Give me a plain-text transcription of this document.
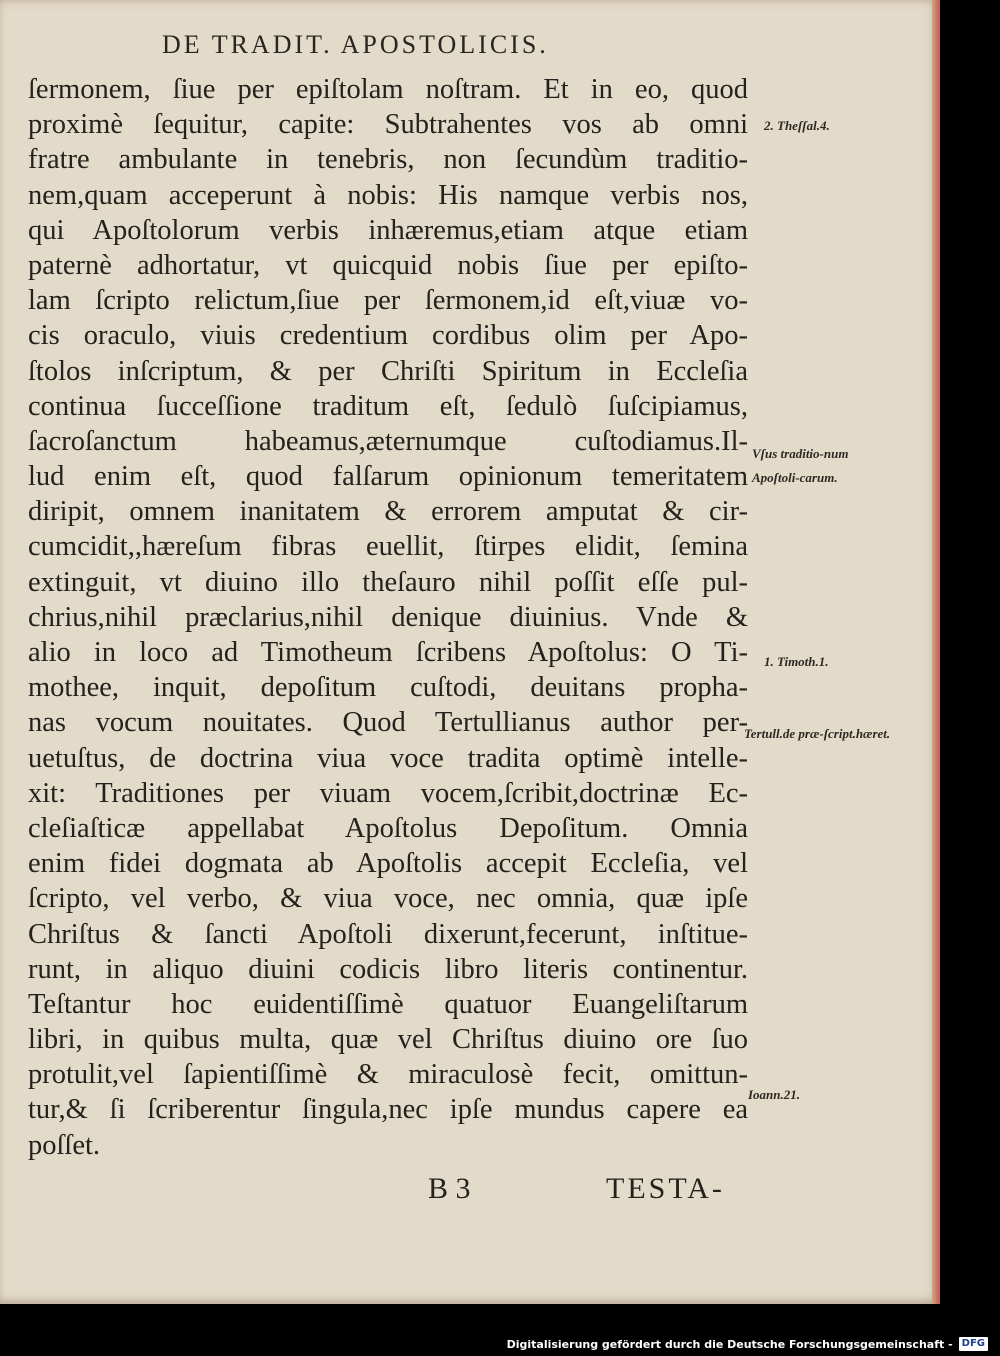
DE TRADIT. APOSTOLICIS.
ſermonem, ſiue per epiſtolam noſtram. Et in eo, quod
proximè ſequitur, capite: Subtrahentes vos ab omni
fratre ambulante in tenebris, non ſecundùm traditio-
nem,quam acceperunt à nobis: His namque verbis nos,
qui Apoſtolorum verbis inhæremus,etiam atque etiam
paternè adhortatur, vt quicquid nobis ſiue per epiſto-
lam ſcripto relictum,ſiue per ſermonem,id eſt,viuæ vo-
cis oraculo, viuis credentium cordibus olim per Apo-
ſtolos inſcriptum, & per Chriſti Spiritum in Eccleſia
continua ſucceſſione traditum eſt, ſedulò ſuſcipiamus,
ſacroſanctum habeamus,æternumque cuſtodiamus.Il-
lud enim eſt, quod falſarum opinionum temeritatem
diripit, omnem inanitatem & errorem amputat & cir-
cumcidit,,hæreſum fibras euellit, ſtirpes elidit, ſemina
extinguit, vt diuino illo theſauro nihil poſſit eſſe pul-
chrius,nihil præclarius,nihil denique diuinius. Vnde &
alio in loco ad Timotheum ſcribens Apoſtolus: O Ti-
mothee, inquit, depoſitum cuſtodi, deuitans propha-
nas vocum nouitates. Quod Tertullianus author per-
uetuſtus, de doctrina viua voce tradita optimè intelle-
xit: Traditiones per viuam vocem,ſcribit,doctrinæ Ec-
cleſiaſticæ appellabat Apoſtolus Depoſitum. Omnia
enim fidei dogmata ab Apoſtolis accepit Eccleſia, vel
ſcripto, vel verbo, & viua voce, nec omnia, quæ ipſe
Chriſtus & ſancti Apoſtoli dixerunt,fecerunt, inſtitue-
runt, in aliquo diuini codicis libro literis continentur.
Teſtantur hoc euidentiſſimè quatuor Euangeliſtarum
libri, in quibus multa, quæ vel Chriſtus diuino ore ſuo
protulit,vel ſapientiſſimè & miraculosè fecit, omittun-
tur,& ſi ſcriberentur ſingula,nec ipſe mundus capere ea
poſſet.
2. Theſſal.4.
Vſus traditio-num Apoſtoli-carum.
1. Timoth.1.
Tertull.de præ-ſcript.hæret.
Ioann.21.
B 3	TESTA-
Digitalisierung gefördert durch die Deutsche Forschungsgemeinschaft - DFG
